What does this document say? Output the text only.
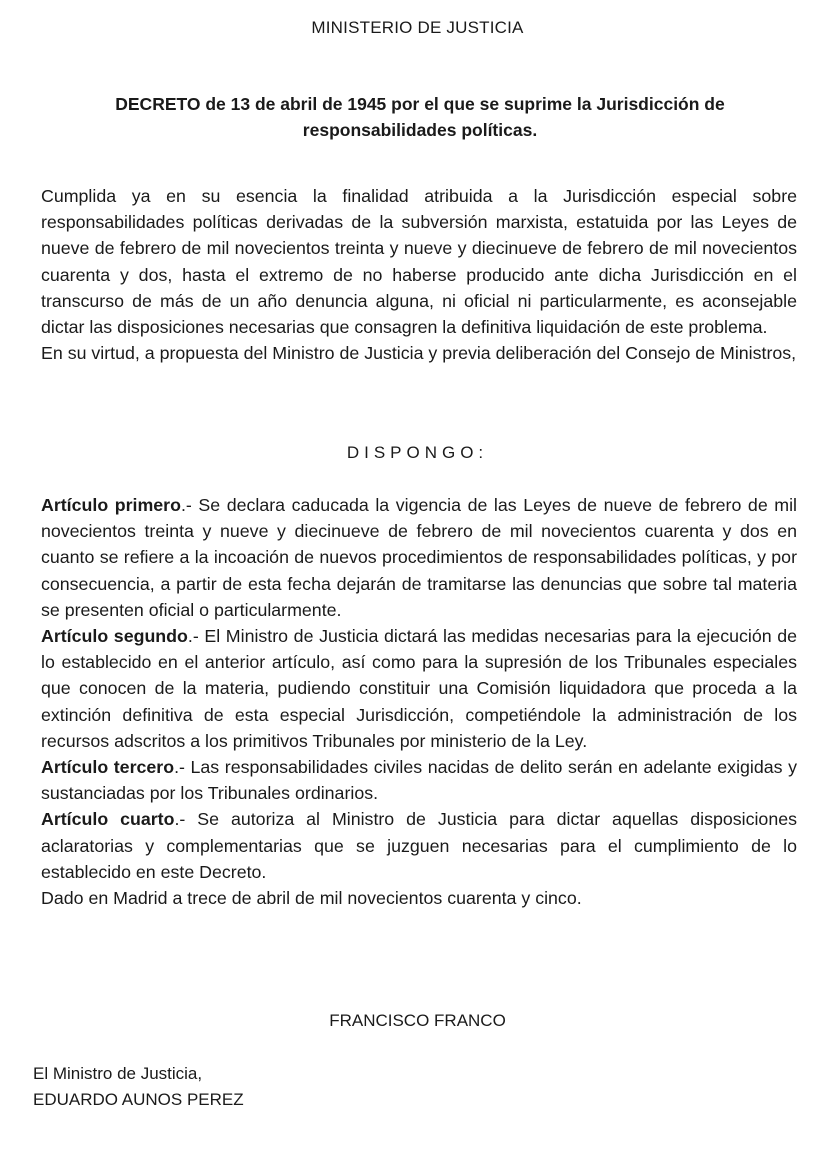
MINISTERIO DE JUSTICIA
DECRETO de 13 de abril de 1945 por el que se suprime la Jurisdicción de responsabilidades políticas.

Cumplida ya en su esencia la finalidad atribuida a la Jurisdicción especial sobre responsabilidades políticas derivadas de la subversión marxista, estatuida por las Leyes de nueve de febrero de mil novecientos treinta y nueve y diecinueve de febrero de mil novecientos cuarenta y dos, hasta el extremo de no haberse producido ante dicha Jurisdicción en el transcurso de más de un año denuncia alguna, ni oficial ni particularmente, es aconsejable dictar las disposiciones necesarias que consagren la definitiva liquidación de este problema.

En su virtud, a propuesta del Ministro de Justicia y previa deliberación del Consejo de Ministros,

DISPONGO:

Artículo primero.- Se declara caducada la vigencia de las Leyes de nueve de febrero de mil novecientos treinta y nueve y diecinueve de febrero de mil novecientos cuarenta y dos en cuanto se refiere a la incoación de nuevos procedimientos de responsabilidades políticas, y por consecuencia, a partir de esta fecha dejarán de tramitarse las denuncias que sobre tal materia se presenten oficial o particularmente.

Artículo segundo.- El Ministro de Justicia dictará las medidas necesarias para la ejecución de lo establecido en el anterior artículo, así como para la supresión de los Tribunales especiales que conocen de la materia, pudiendo constituir una Comisión liquidadora que proceda a la extinción definitiva de esta especial Jurisdicción, competiéndole la administración de los recursos adscritos a los primitivos Tribunales por ministerio de la Ley.

Artículo tercero.- Las responsabilidades civiles nacidas de delito serán en adelante exigidas y sustanciadas por los Tribunales ordinarios.

Artículo cuarto.- Se autoriza al Ministro de Justicia para dictar aquellas disposiciones aclaratorias y complementarias que se juzguen necesarias para el cumplimiento de lo establecido en este Decreto.

Dado en Madrid a trece de abril de mil novecientos cuarenta y cinco.

FRANCISCO FRANCO
El Ministro de Justicia,
EDUARDO AUNOS PEREZ
